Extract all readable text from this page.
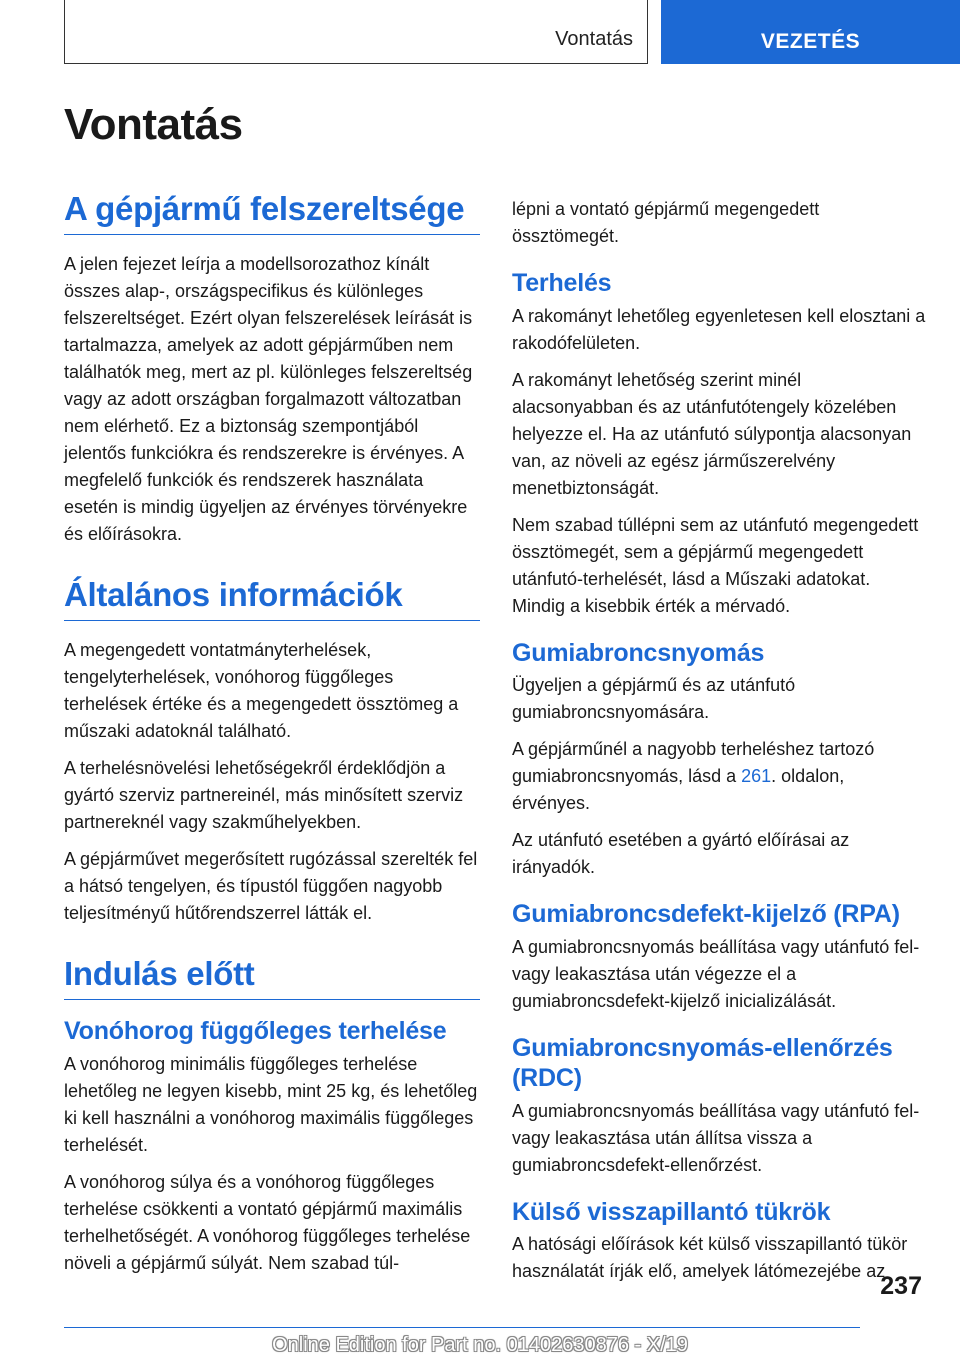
Vontatás	VEZETÉS
Vontatás
A gépjármű felszereltsége

A jelen fejezet leírja a modellsorozathoz kínált összes alap-, országspecifikus és különleges felszereltséget. Ezért olyan felszerelések leírását is tartalmazza, amelyek az adott gépjárműben nem találhatók meg, mert az pl. különleges felszereltség vagy az adott országban forgalmazott változatban nem elérhető. Ez a biztonság szempontjából jelentős funkciókra és rendszerekre is érvényes. A megfelelő funkciók és rendszerek használata esetén is mindig ügyeljen az érvényes törvényekre és előírásokra.

Általános információk

A megengedett vontatmányterhelések, tengelyterhelések, vonóhorog függőleges terhelések értéke és a megengedett össztömeg a műszaki adatoknál található.

A terhelésnövelési lehetőségekről érdeklődjön a gyártó szerviz partnereinél, más minősített szerviz partnereknél vagy szakműhelyekben.

A gépjárművet megerősített rugózással szerelték fel a hátsó tengelyen, és típustól függően nagyobb teljesítményű hűtőrendszerrel látták el.

Indulás előtt
Vonóhorog függőleges terhelése

A vonóhorog minimális függőleges terhelése lehetőleg ne legyen kisebb, mint 25 kg, és lehetőleg ki kell használni a vonóhorog maximális függőleges terhelését.

A vonóhorog súlya és a vonóhorog függőleges terhelése csökkenti a vontató gépjármű maximális terhelhetőségét. A vonóhorog függőleges terhelése növeli a gépjármű súlyát. Nem szabad túl-

lépni a vontató gépjármű megengedett össztömegét.

Terhelés

A rakományt lehetőleg egyenletesen kell elosztani a rakodófelületen.

A rakományt lehetőség szerint minél alacsonyabban és az utánfutótengely közelében helyezze el. Ha az utánfutó súlypontja alacsonyan van, az növeli az egész járműszerelvény menetbiztonságát.

Nem szabad túllépni sem az utánfutó megengedett össztömegét, sem a gépjármű megengedett utánfutó-terhelését, lásd a Műszaki adatokat. Mindig a kisebbik érték a mérvadó.

Gumiabroncsnyomás

Ügyeljen a gépjármű és az utánfutó gumiabroncsnyomására.

A gépjárműnél a nagyobb terheléshez tartozó gumiabroncsnyomás, lásd a 261. oldalon, érvényes.

Az utánfutó esetében a gyártó előírásai az irányadók.

Gumiabroncsdefekt-kijelző (RPA)

A gumiabroncsnyomás beállítása vagy utánfutó fel- vagy leakasztása után végezze el a gumiabroncsdefekt-kijelző inicializálását.

Gumiabroncsnyomás-ellenőrzés (RDC)

A gumiabroncsnyomás beállítása vagy utánfutó fel- vagy leakasztása után állítsa vissza a gumiabroncsdefekt-ellenőrzést.

Külső visszapillantó tükrök

A hatósági előírások két külső visszapillantó tükör használatát írják elő, amelyek látómezejébe az

237
Online Edition for Part no. 01402630876 - X/19
